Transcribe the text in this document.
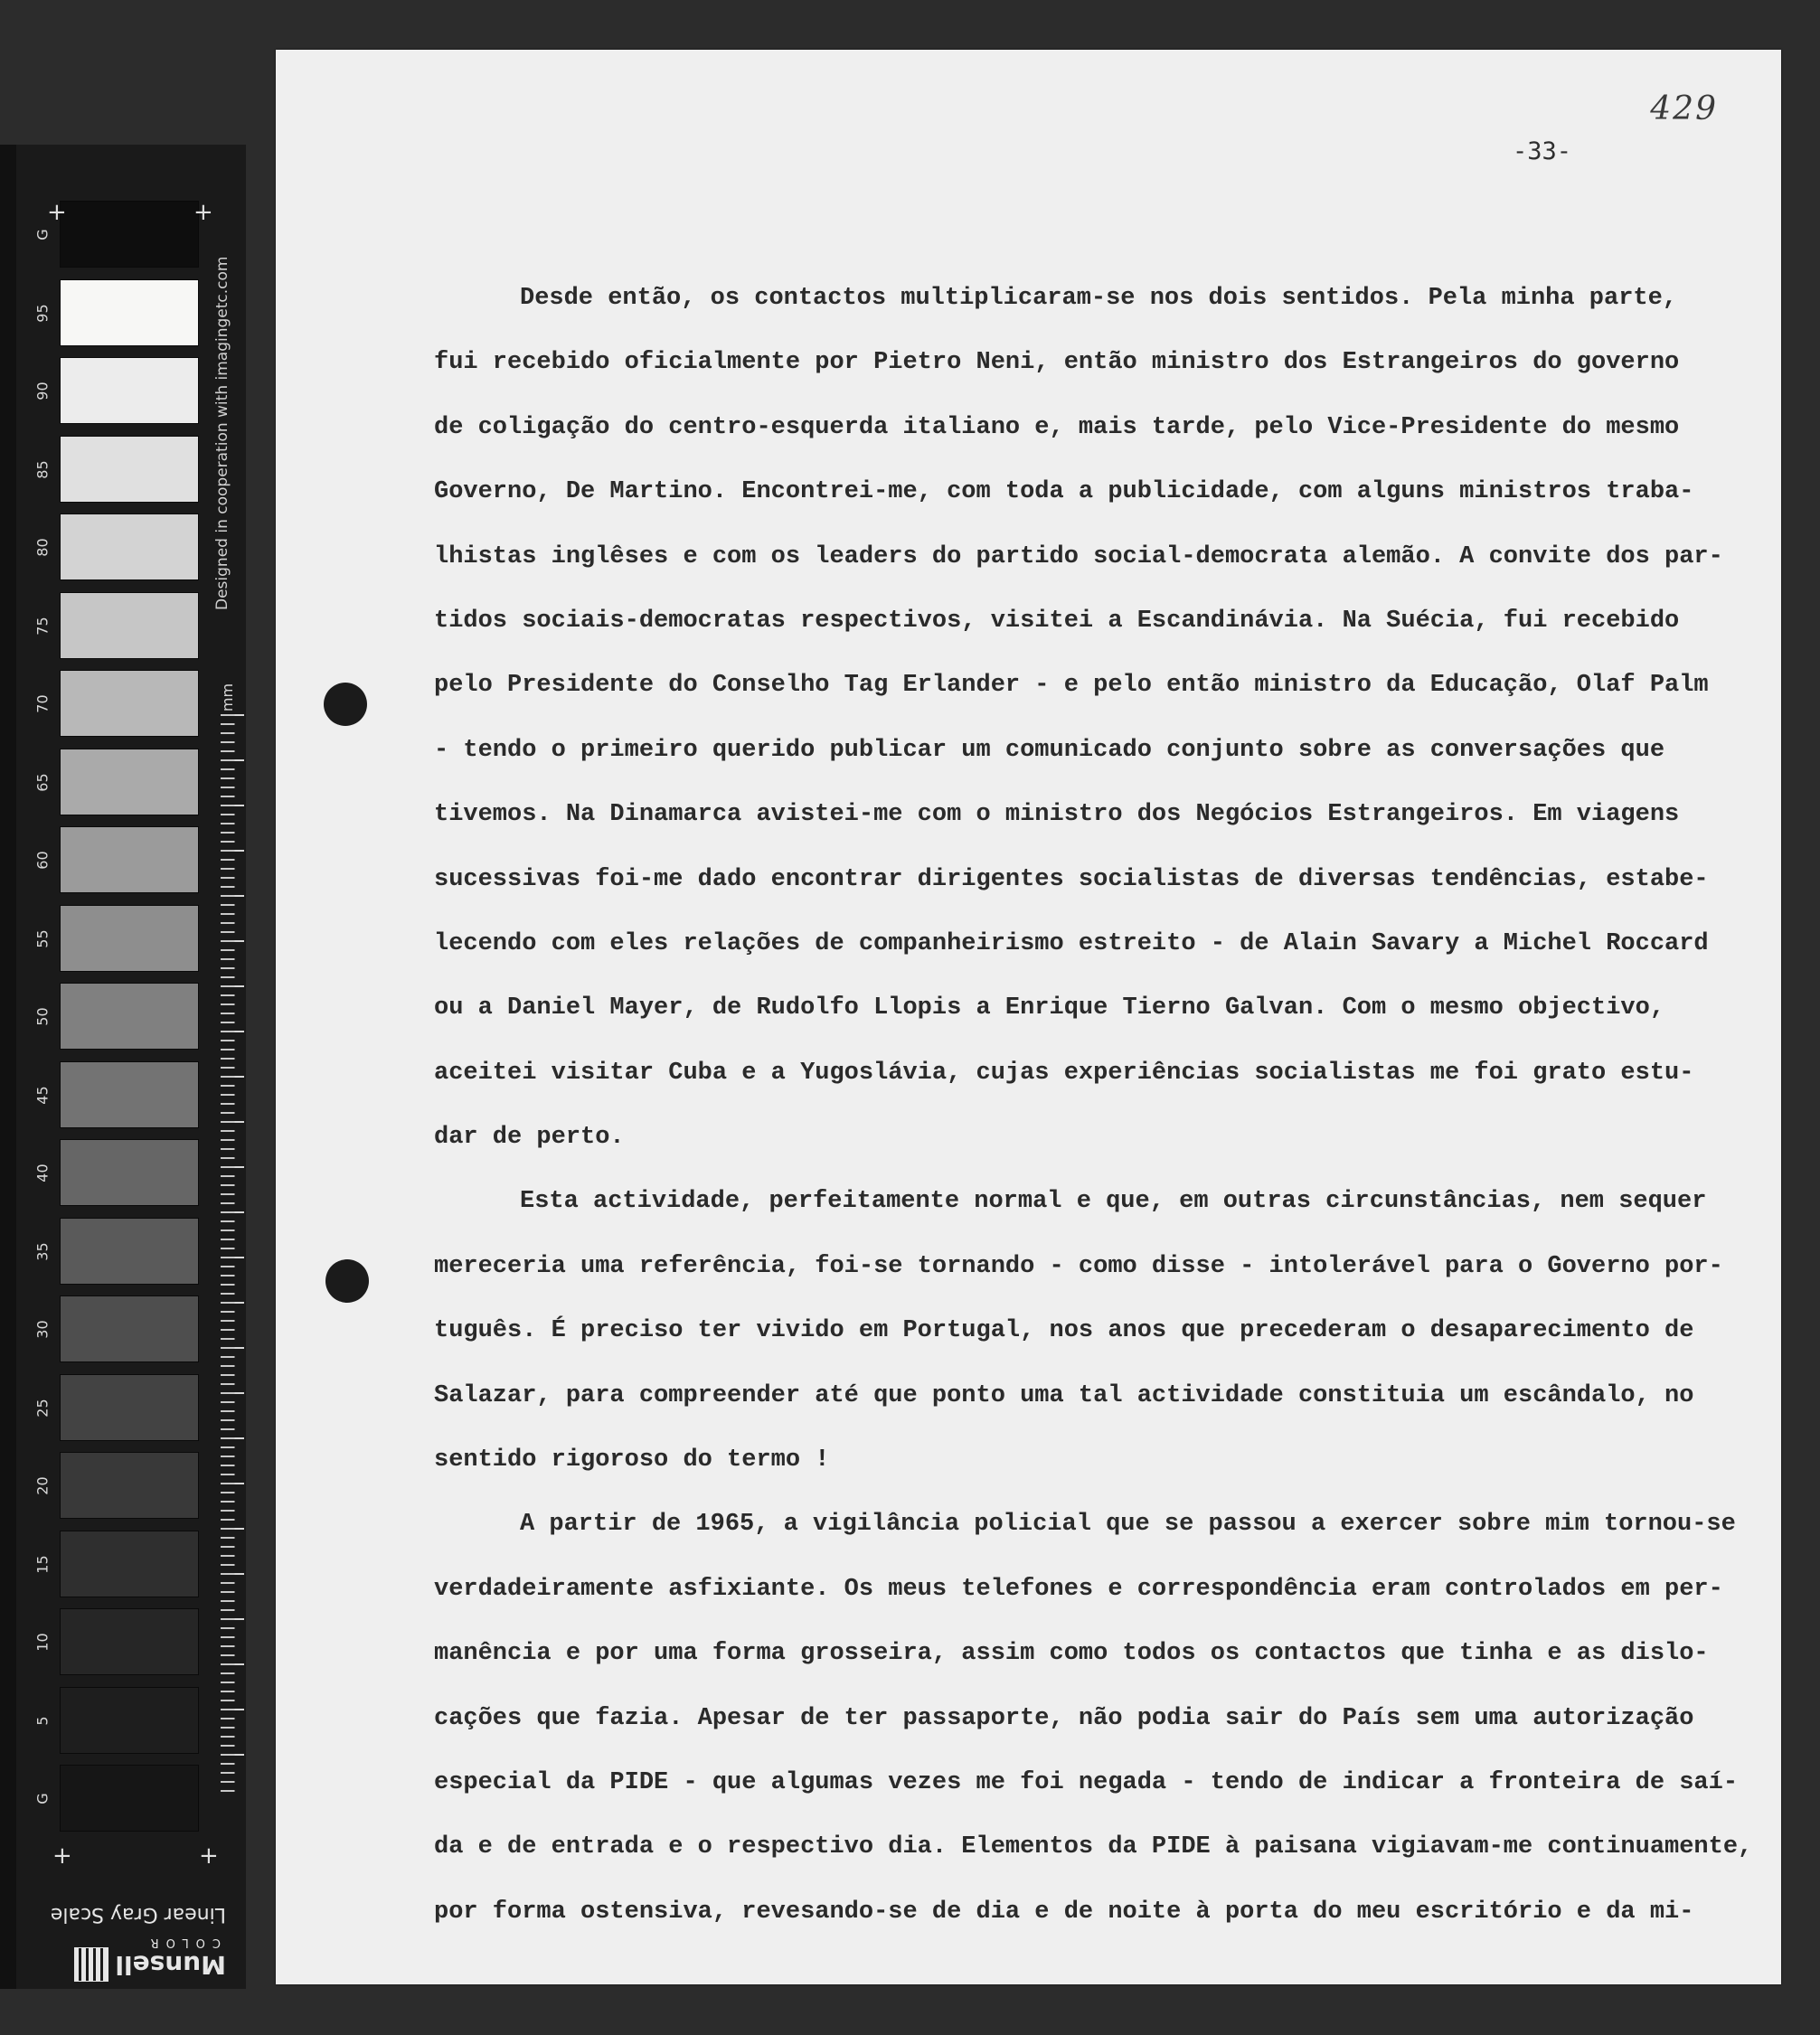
G
95
90
85
80
75
70
65
60
55
50
45
40
35
30
25
20
15
10
5
G
+	+
+	+
Designed in cooperation with imagingetc.com
mm
Linear Gray Scale
Munsell
COLOR
429
-33-
Desde então, os contactos multiplicaram-se nos dois sentidos. Pela minha parte,
fui recebido oficialmente por Pietro Neni, então ministro dos Estrangeiros do governo
de coligação do centro-esquerda italiano e, mais tarde, pelo Vice-Presidente do mesmo
Governo, De Martino. Encontrei-me, com toda a publicidade, com alguns ministros traba-
lhistas inglêses e com os leaders do partido social-democrata alemão. A convite dos par-
tidos sociais-democratas respectivos, visitei a Escandinávia. Na Suécia, fui recebido
pelo Presidente do Conselho Tag Erlander - e pelo então ministro da Educação, Olaf Palm
- tendo o primeiro querido publicar um comunicado conjunto sobre as conversações que
tivemos. Na Dinamarca avistei-me com o ministro dos Negócios Estrangeiros. Em viagens
sucessivas foi-me dado encontrar dirigentes socialistas de diversas tendências, estabe-
lecendo com eles relações de companheirismo estreito - de Alain Savary a Michel Roccard
ou a Daniel Mayer, de Rudolfo Llopis a Enrique Tierno Galvan. Com o mesmo objectivo,
aceitei visitar Cuba e a Yugoslávia, cujas experiências socialistas me foi grato estu-
dar de perto.
Esta actividade, perfeitamente normal e que, em outras circunstâncias, nem sequer
mereceria uma referência, foi-se tornando - como disse - intolerável para o Governo por-
tuguês. É preciso ter vivido em Portugal, nos anos que precederam o desaparecimento de
Salazar, para compreender até que ponto uma tal actividade constituia um escândalo, no
sentido rigoroso do termo !
A partir de 1965, a vigilância policial que se passou a exercer sobre mim tornou-se
verdadeiramente asfixiante. Os meus telefones e correspondência eram controlados em per-
manência e por uma forma grosseira, assim como todos os contactos que tinha e as dislo-
cações que fazia. Apesar de ter passaporte, não podia sair do País sem uma autorização
especial da PIDE - que algumas vezes me foi negada - tendo de indicar a fronteira de saí-
da e de entrada e o respectivo dia. Elementos da PIDE à paisana vigiavam-me continuamente,
por forma ostensiva, revesando-se de dia e de noite à porta do meu escritório e da mi-
